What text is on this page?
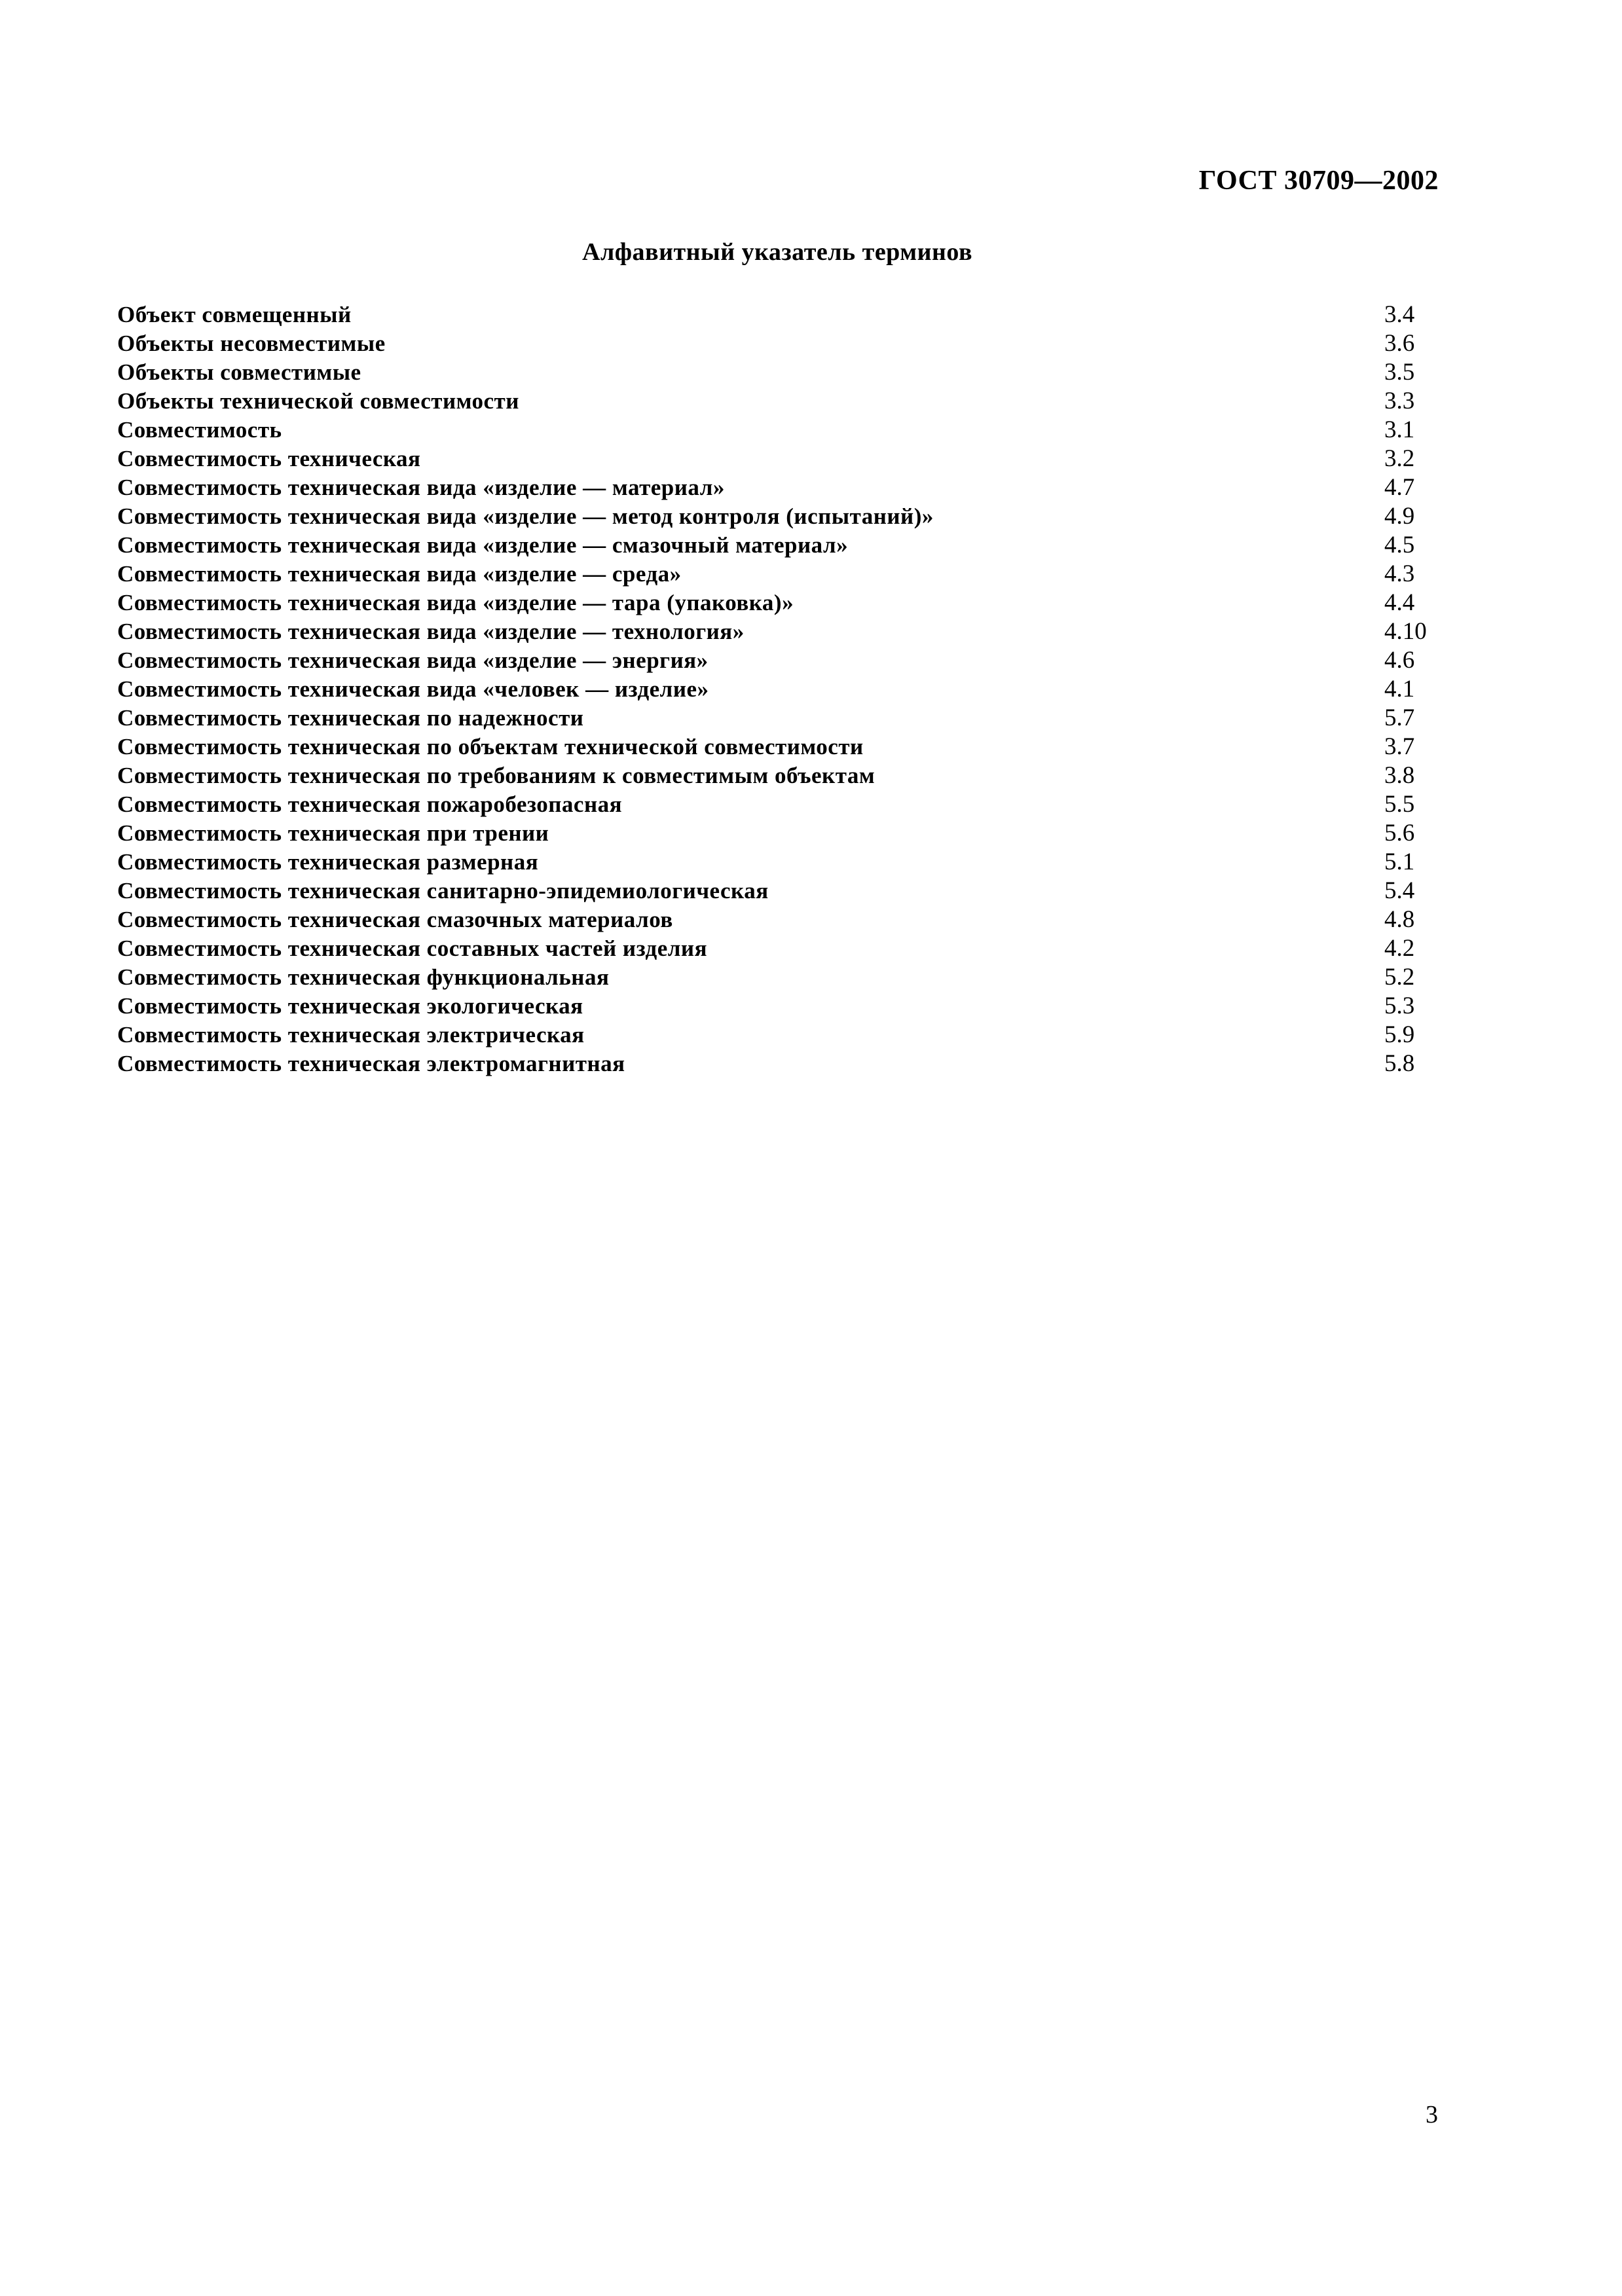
ГОСТ 30709—2002
Алфавитный указатель терминов
Объект совмещенный	3.4
Объекты несовместимые	3.6
Объекты совместимые	3.5
Объекты технической совместимости	3.3
Совместимость	3.1
Совместимость техническая	3.2
Совместимость техническая вида «изделие — материал»	4.7
Совместимость техническая вида «изделие — метод контроля (испытаний)»	4.9
Совместимость техническая вида «изделие — смазочный материал»	4.5
Совместимость техническая вида «изделие — среда»	4.3
Совместимость техническая вида «изделие — тара (упаковка)»	4.4
Совместимость техническая вида «изделие — технология»	4.10
Совместимость техническая вида «изделие — энергия»	4.6
Совместимость техническая вида «человек — изделие»	4.1
Совместимость техническая по надежности	5.7
Совместимость техническая по объектам технической совместимости	3.7
Совместимость техническая по требованиям к совместимым объектам	3.8
Совместимость техническая пожаробезопасная	5.5
Совместимость техническая при трении	5.6
Совместимость техническая размерная	5.1
Совместимость техническая санитарно-эпидемиологическая	5.4
Совместимость техническая смазочных материалов	4.8
Совместимость техническая составных частей изделия	4.2
Совместимость техническая функциональная	5.2
Совместимость техническая экологическая	5.3
Совместимость техническая электрическая	5.9
Совместимость техническая электромагнитная	5.8
3
